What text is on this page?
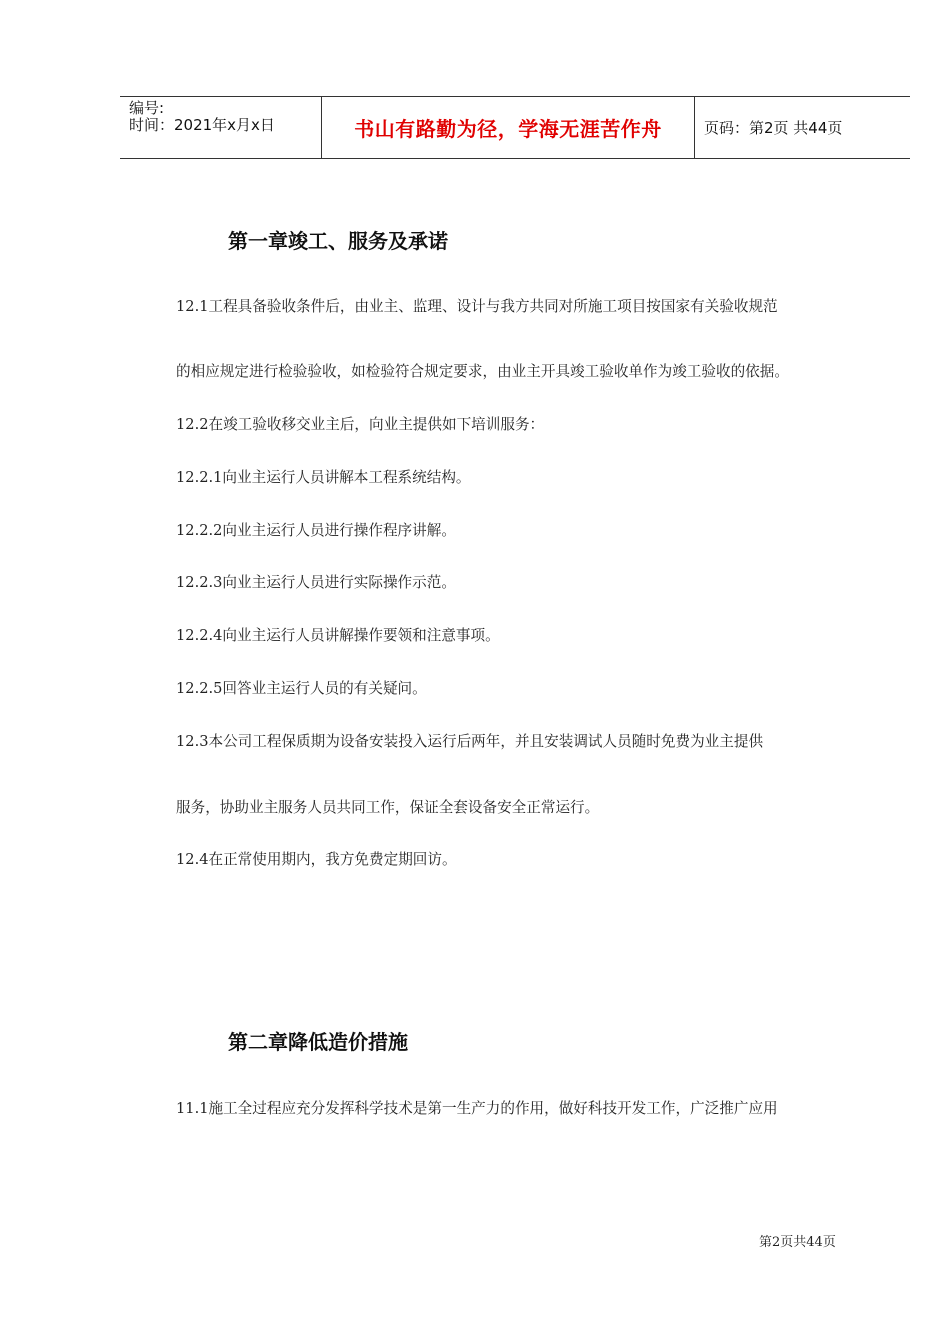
编号:
时间：2021年x月x日	书山有路勤为径，学海无涯苦作舟	页码：第2页 共44页
第一章竣工、服务及承诺
12.1工程具备验收条件后，由业主、监理、设计与我方共同对所施工项目按国家有关验收规范
的相应规定进行检验验收，如检验符合规定要求，由业主开具竣工验收单作为竣工验收的依据。
12.2在竣工验收移交业主后，向业主提供如下培训服务：
12.2.1向业主运行人员讲解本工程系统结构。
12.2.2向业主运行人员进行操作程序讲解。
12.2.3向业主运行人员进行实际操作示范。
12.2.4向业主运行人员讲解操作要领和注意事项。
12.2.5回答业主运行人员的有关疑问。
12.3本公司工程保质期为设备安装投入运行后两年，并且安装调试人员随时免费为业主提供
服务，协助业主服务人员共同工作，保证全套设备安全正常运行。
12.4在正常使用期内，我方免费定期回访。
第二章降低造价措施
11.1施工全过程应充分发挥科学技术是第一生产力的作用，做好科技开发工作，广泛推广应用
第2页共44页
